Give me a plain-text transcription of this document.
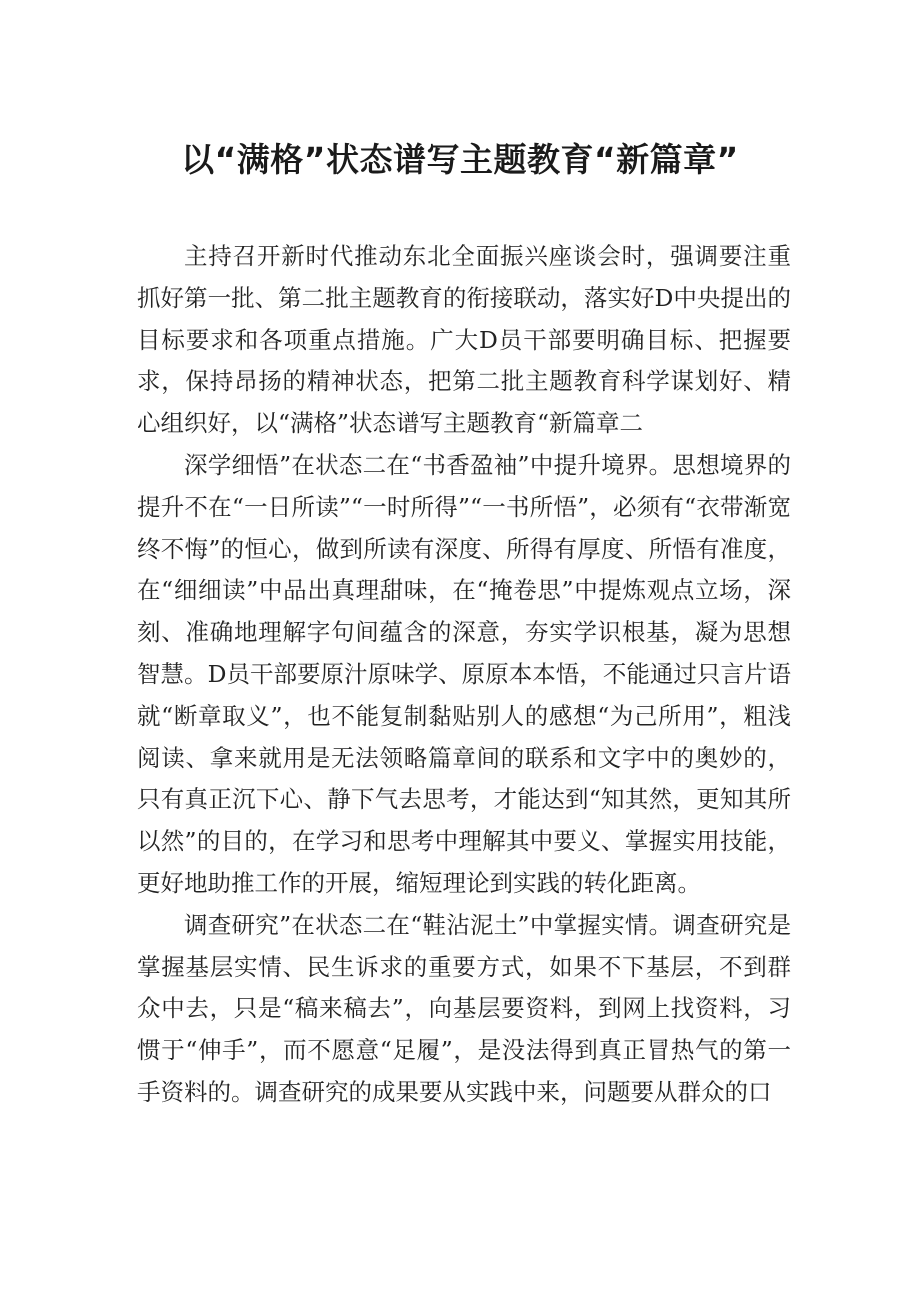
以“满格”状态谱写主题教育“新篇章”

主持召开新时代推动东北全面振兴座谈会时，强调要注重抓好第一批、第二批主题教育的衔接联动，落实好D中央提出的目标要求和各项重点措施。广大D员干部要明确目标、把握要求，保持昂扬的精神状态，把第二批主题教育科学谋划好、精心组织好，以“满格”状态谱写主题教育“新篇章二

深学细悟”在状态二在“书香盈袖”中提升境界。思想境界的提升不在“一日所读”“一时所得”“一书所悟”，必须有“衣带渐宽终不悔”的恒心，做到所读有深度、所得有厚度、所悟有准度，在“细细读”中品出真理甜味，在“掩卷思”中提炼观点立场，深刻、准确地理解字句间蕴含的深意，夯实学识根基，凝为思想智慧。D员干部要原汁原味学、原原本本悟，不能通过只言片语就“断章取义”，也不能复制黏贴别人的感想“为己所用”，粗浅阅读、拿来就用是无法领略篇章间的联系和文字中的奥妙的，只有真正沉下心、静下气去思考，才能达到“知其然，更知其所以然”的目的，在学习和思考中理解其中要义、掌握实用技能，更好地助推工作的开展，缩短理论到实践的转化距离。

调查研究”在状态二在“鞋沾泥土”中掌握实情。调查研究是掌握基层实情、民生诉求的重要方式，如果不下基层，不到群众中去，只是“稿来稿去”，向基层要资料，到网上找资料，习惯于“伸手”，而不愿意“足履”，是没法得到真正冒热气的第一手资料的。调查研究的成果要从实践中来，问题要从群众的口
